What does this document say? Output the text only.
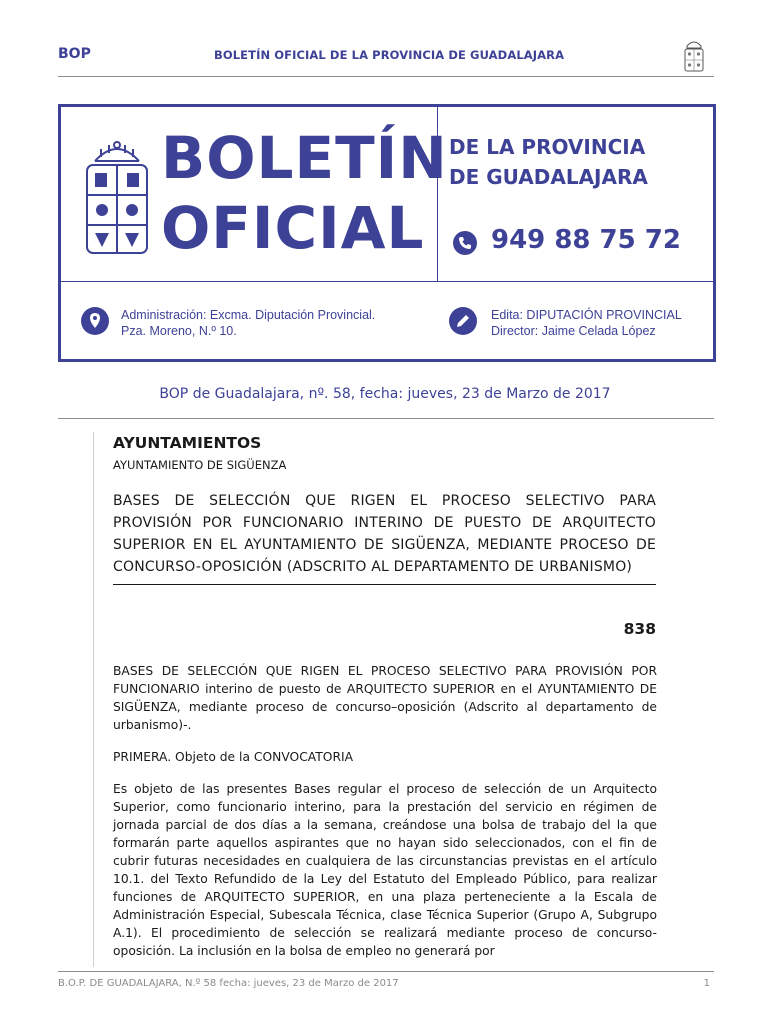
BOP	BOLETÍN OFICIAL DE LA PROVINCIA DE GUADALAJARA
BOLETÍN
OFICIAL
DE LA PROVINCIA
DE GUADALAJARA
949 88 75 72
Administración: Excma. Diputación Provincial.
Pza. Moreno, N.º 10.
Edita: DIPUTACIÓN PROVINCIAL
Director: Jaime Celada López
BOP de Guadalajara, nº. 58, fecha: jueves, 23 de Marzo de 2017
AYUNTAMIENTOS
AYUNTAMIENTO DE SIGÜENZA
BASES DE SELECCIÓN QUE RIGEN EL PROCESO SELECTIVO PARA PROVISIÓN POR FUNCIONARIO INTERINO DE PUESTO DE ARQUITECTO SUPERIOR EN EL AYUNTAMIENTO DE SIGÜENZA, MEDIANTE PROCESO DE CONCURSO-OPOSICIÓN (ADSCRITO AL DEPARTAMENTO DE URBANISMO)
838
BASES DE SELECCIÓN QUE RIGEN EL PROCESO SELECTIVO PARA PROVISIÓN POR FUNCIONARIO interino de puesto de ARQUITECTO SUPERIOR en el AYUNTAMIENTO DE SIGÜENZA, mediante proceso de concurso–oposición (Adscrito al departamento de urbanismo)-.
PRIMERA. Objeto de la CONVOCATORIA
Es objeto de las presentes Bases regular el proceso de selección de un Arquitecto Superior, como funcionario interino, para la prestación del servicio en régimen de jornada parcial de dos días a la semana, creándose una bolsa de trabajo del la que formarán parte aquellos aspirantes que no hayan sido seleccionados, con el fin de cubrir futuras necesidades en cualquiera de las circunstancias previstas en el artículo 10.1. del Texto Refundido de la Ley del Estatuto del Empleado Público, para realizar funciones de ARQUITECTO SUPERIOR, en una plaza perteneciente a la Escala de Administración Especial, Subescala Técnica, clase Técnica Superior (Grupo A, Subgrupo A.1). El procedimiento de selección se realizará mediante proceso de concurso-oposición. La inclusión en la bolsa de empleo no generará por
B.O.P. DE GUADALAJARA, N.º 58 fecha: jueves, 23 de Marzo de 2017	1
